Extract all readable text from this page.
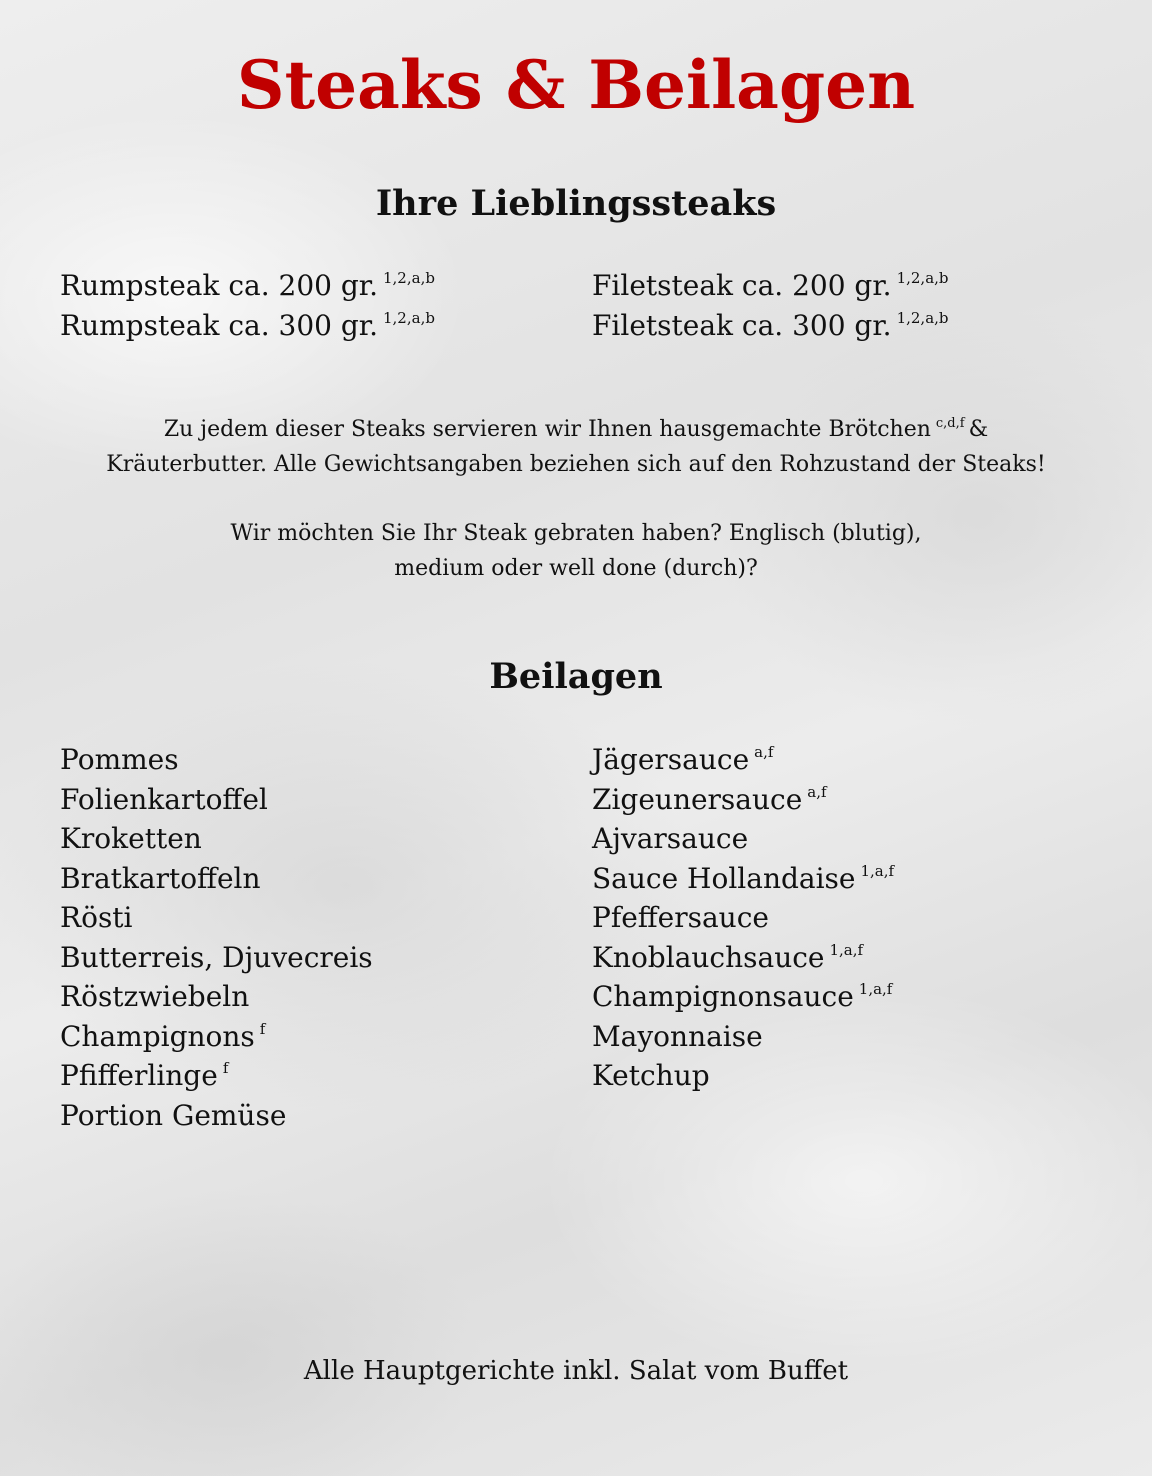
Steaks & Beilagen
Ihre Lieblingssteaks
Rumpsteak ca. 200 gr. $^{1,2,a,b}$
Rumpsteak ca. 300 gr. $^{1,2,a,b}$
Filetsteak ca. 200 gr. $^{1,2,a,b}$
Filetsteak ca. 300 gr. $^{1,2,a,b}$
Zu jedem dieser Steaks servieren wir Ihnen hausgemachte Brötchen $^{c,d,f}$ &
Kräuterbutter. Alle Gewichtsangaben beziehen sich auf den Rohzustand der Steaks!
Wir möchten Sie Ihr Steak gebraten haben? Englisch (blutig),
medium oder well done (durch)?
Beilagen
Pommes
Folienkartoffel
Kroketten
Bratkartoffeln
Rösti
Butterreis, Djuvecreis
Röstzwiebeln
Champignons $^f$
Pfifferlinge $^f$
Portion Gemüse
Jägersauce $^{a,f}$
Zigeunersauce $^{a,f}$
Ajvarsauce
Sauce Hollandaise $^{1,a,f}$
Pfeffersauce
Knoblauchsauce $^{1,a,f}$
Champignonsauce $^{1,a,f}$
Mayonnaise
Ketchup
Alle Hauptgerichte inkl. Salat vom Buffet
